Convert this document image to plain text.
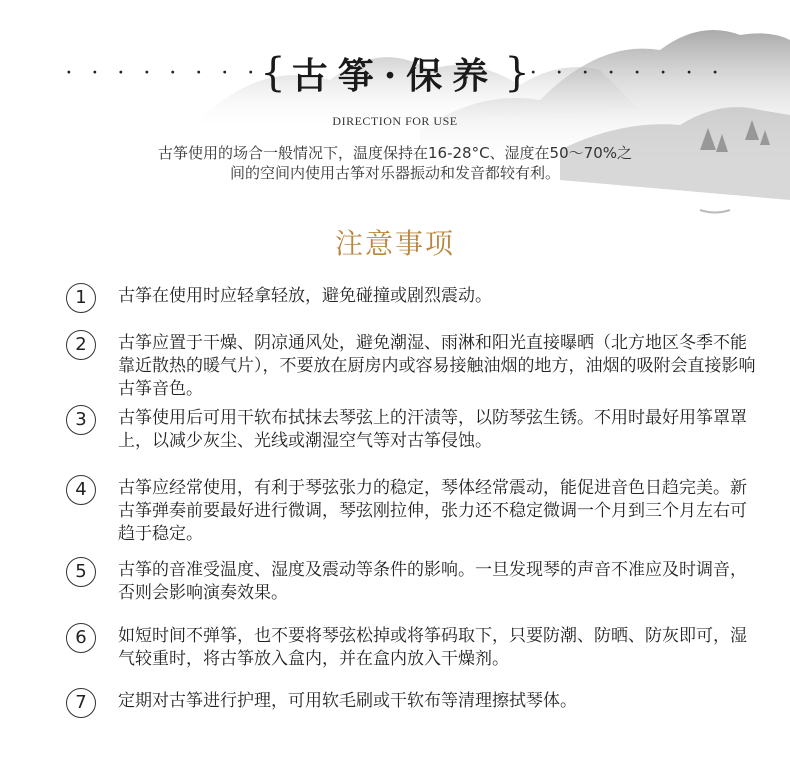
· · · · · · · · { 古筝·保养 } · · · · · · · ·
DIRECTION FOR USE
古筝使用的场合一般情况下，温度保持在16-28°C、湿度在50～70%之
间的空间内使用古筝对乐器振动和发音都较有利。
注意事项
1	古筝在使用时应轻拿轻放，避免碰撞或剧烈震动。
2	古筝应置于干燥、阴凉通风处，避免潮湿、雨淋和阳光直接曝晒（北方地区冬季不能靠近散热的暖气片），不要放在厨房内或容易接触油烟的地方，油烟的吸附会直接影响古筝音色。
3	古筝使用后可用干软布拭抹去琴弦上的汗渍等，以防琴弦生锈。不用时最好用筝罩罩上，以减少灰尘、光线或潮湿空气等对古筝侵蚀。
4	古筝应经常使用，有利于琴弦张力的稳定，琴体经常震动，能促进音色日趋完美。新古筝弹奏前要最好进行微调，琴弦刚拉伸，张力还不稳定微调一个月到三个月左右可趋于稳定。
5	古筝的音准受温度、湿度及震动等条件的影响。一旦发现琴的声音不准应及时调音，否则会影响演奏效果。
6	如短时间不弹筝，也不要将琴弦松掉或将筝码取下，只要防潮、防晒、防灰即可，湿气较重时，将古筝放入盒内，并在盒内放入干燥剂。
7	定期对古筝进行护理，可用软毛刷或干软布等清理擦拭琴体。
